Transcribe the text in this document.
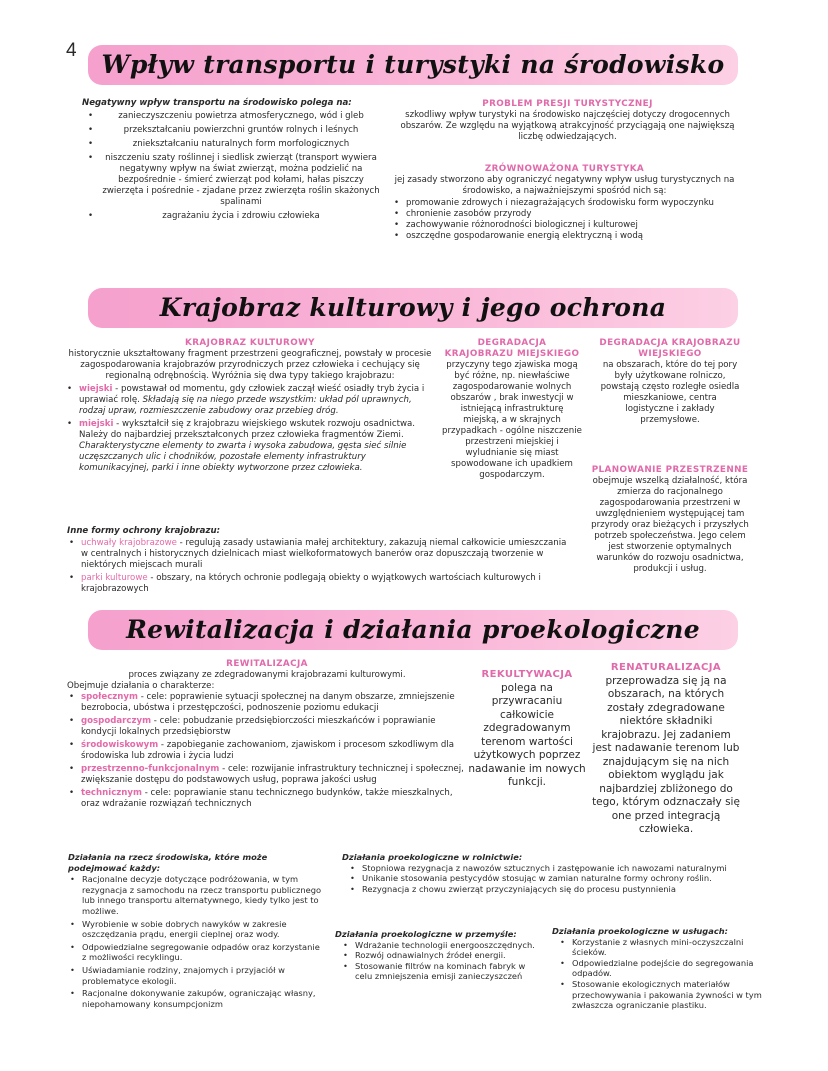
4 Wpływ transportu i turystyki na środowisko
Negatywny wpływ transportu na środowisko polega na:
• zanieczyszczeniu powietrza atmosferycznego, wód i gleb
• przekształcaniu powierzchni gruntów rolnych i leśnych
• zniekształcaniu naturalnych form morfologicznych
• niszczeniu szaty roślinnej i siedlisk zwierząt (transport wywiera negatywny wpływ na świat zwierząt, można podzielić na bezpośrednie - śmierć zwierząt pod kołami, hałas piszczy zwierzęta i pośrednie - zjadane przez zwierzęta roślin skażonych spalinami
• zagrażaniu życia i zdrowiu człowieka
PROBLEM PRESJI TURYSTYCZNEJ
szkodliwy wpływ turystyki na środowisko najczęściej dotyczy drogocennych obszarów. Ze względu na wyjątkową atrakcyjność przyciągają one największą liczbę odwiedzających.
ZRÓWNOWAŻONA TURYSTYKA
jej zasady stworzono aby ograniczyć negatywny wpływ usług turystycznych na środowisko, a najważniejszymi spośród nich są:
• promowanie zdrowych i niezagrażających środowisku form wypoczynku
• chronienie zasobów przyrody
• zachowywanie różnorodności biologicznej i kulturowej
• oszczędne gospodarowanie energią elektryczną i wodą
Krajobraz kulturowy i jego ochrona
KRAJOBRAZ KULTUROWY
historycznie ukształtowany fragment przestrzeni geograficznej, powstały w procesie zagospodarowania krajobrazów przyrodniczych przez człowieka i cechujący się regionalną odrębnością. Wyróżnia się dwa typy takiego krajobrazu:
• wiejski - powstawał od momentu, gdy człowiek zaczął wieść osiadły tryb życia i uprawiać rolę. Składają się na niego przede wszystkim: układ pól uprawnych, rodzaj upraw, rozmieszczenie zabudowy oraz przebieg dróg.
• miejski - wykształcił się z krajobrazu wiejskiego wskutek rozwoju osadnictwa. Należy do najbardziej przekształconych przez człowieka fragmentów Ziemi. Charakterystyczne elementy to zwarta i wysoka zabudowa, gęsta sieć silnie uczęszczanych ulic i chodników, pozostałe elementy infrastruktury komunikacyjnej, parki i inne obiekty wytworzone przez człowieka.
DEGRADACJA KRAJOBRAZU MIEJSKIEGO
przyczyny tego zjawiska mogą być różne, np. niewłaściwe zagospodarowanie wolnych obszarów , brak inwestycji w istniejącą infrastrukturę miejską, a w skrajnych przypadkach - ogólne niszczenie przestrzeni miejskiej i wyludnianie się miast spowodowane ich upadkiem gospodarczym.
DEGRADACJA KRAJOBRAZU WIEJSKIEGO
na obszarach, które do tej pory były użytkowane rolniczo, powstają często rozległe osiedla mieszkaniowe, centra logistyczne i zakłady przemysłowe.
PLANOWANIE PRZESTRZENNE
obejmuje wszelką działalność, która zmierza do racjonalnego zagospodarowania przestrzeni w uwzględnieniem występującej tam przyrody oraz bieżących i przyszłych potrzeb społeczeństwa. Jego celem jest stworzenie optymalnych warunków do rozwoju osadnictwa, produkcji i usług.
Inne formy ochrony krajobrazu:
• uchwały krajobrazowe - regulują zasady ustawiania małej architektury, zakazują niemal całkowicie umieszczania w centralnych i historycznych dzielnicach miast wielkoformatowych banerów oraz dopuszczają tworzenie w niektórych miejscach murali
• parki kulturowe - obszary, na których ochronie podlegają obiekty o wyjątkowych wartościach kulturowych i krajobrazowych
Rewitalizacja i działania proekologiczne
REWITALIZACJA
proces związany ze zdegradowanymi krajobrazami kulturowymi.
Obejmuje działania o charakterze:
• społecznym - cele: poprawienie sytuacji społecznej na danym obszarze, zmniejszenie bezrobocia, ubóstwa i przestępczości, podnoszenie poziomu edukacji
• gospodarczym - cele: pobudzanie przedsiębiorczości mieszkańców i poprawianie kondycji lokalnych przedsiębiorstw
• środowiskowym - zapobieganie zachowaniom, zjawiskom i procesom szkodliwym dla środowiska lub zdrowia i życia ludzi
• przestrzenno-funkcjonalnym - cele: rozwijanie infrastruktury technicznej i społecznej, zwiększanie dostępu do podstawowych usług, poprawa jakości usług
• technicznym - cele: poprawianie stanu technicznego budynków, także mieszkalnych, oraz wdrażanie rozwiązań technicznych
REKULTYWACJA
polega na przywracaniu całkowicie zdegradowanym terenom wartości użytkowych poprzez nadawanie im nowych funkcji.
RENATURALIZACJA
przeprowadza się ją na obszarach, na których zostały zdegradowane niektóre składniki krajobrazu. Jej zadaniem jest nadawanie terenom lub znajdującym się na nich obiektom wyglądu jak najbardziej zbliżonego do tego, którym odznaczały się one przed integracją człowieka.
Działania na rzecz środowiska, które może podejmować każdy:
• Racjonalne decyzje dotyczące podróżowania, w tym rezygnacja z samochodu na rzecz transportu publicznego lub innego transportu alternatywnego, kiedy tylko jest to możliwe.
• Wyrobienie w sobie dobrych nawyków w zakresie oszczędzania prądu, energii cieplnej oraz wody.
• Odpowiedzialne segregowanie odpadów oraz korzystanie z możliwości recyklingu.
• Uświadamianie rodziny, znajomych i przyjaciół w problematyce ekologii.
• Racjonalne dokonywanie zakupów, ograniczając własny, niepohamowany konsumpcjonizm
Działania proekologiczne w rolnictwie:
• Stopniowa rezygnacja z nawozów sztucznych i zastępowanie ich nawozami naturalnymi
• Unikanie stosowania pestycydów stosując w zamian naturalne formy ochrony roślin.
• Rezygnacja z chowu zwierząt przyczyniających się do procesu pustynnienia
Działania proekologiczne w przemyśle:
• Wdrażanie technologii energooszczędnych.
• Rozwój odnawialnych źródeł energii.
• Stosowanie filtrów na kominach fabryk w celu zmniejszenia emisji zanieczyszczeń
Działania proekologiczne w usługach:
• Korzystanie z własnych mini-oczyszczalni ścieków.
• Odpowiedzialne podejście do segregowania odpadów.
• Stosowanie ekologicznych materiałów przechowywania i pakowania żywności w tym zwłaszcza ograniczanie plastiku.
